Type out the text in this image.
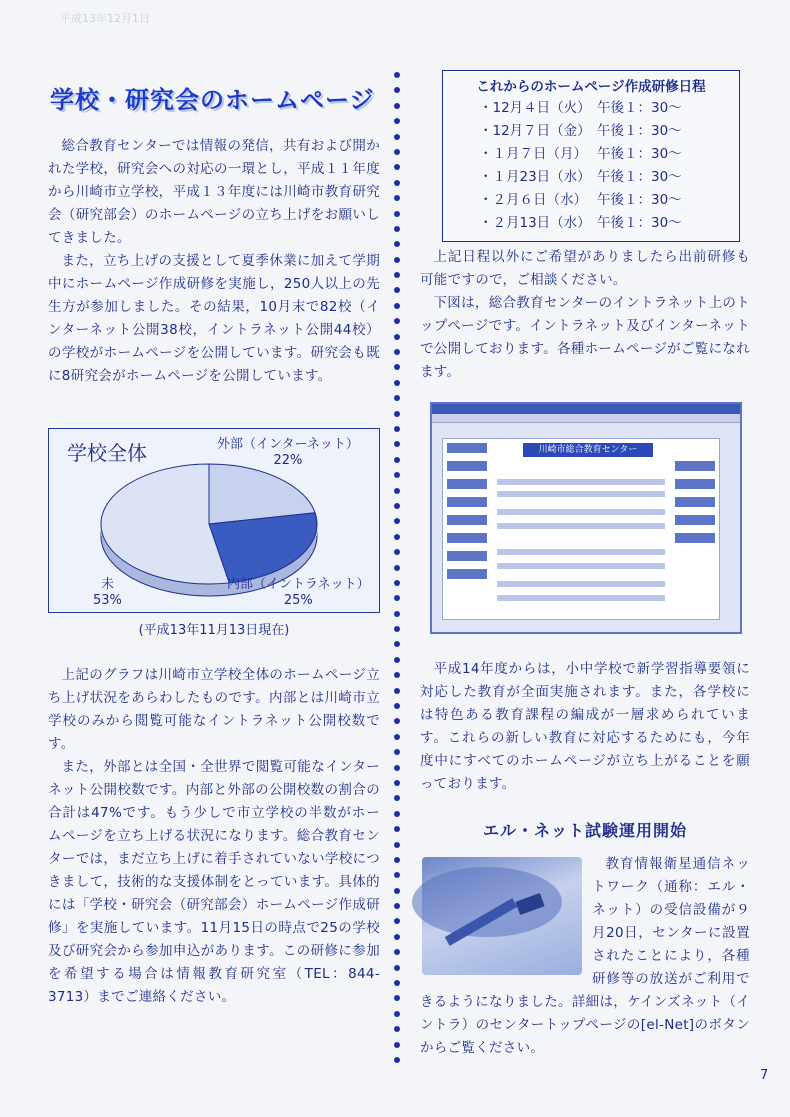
平成13年12月1日
学校・研究会のホームページ

総合教育センターでは情報の発信，共有および開かれた学校，研究会への対応の一環とし，平成１１年度から川崎市立学校，平成１３年度には川崎市教育研究会（研究部会）のホームページの立ち上げをお願いしてきました。

また，立ち上げの支援として夏季休業に加えて学期中にホームページ作成研修を実施し，250人以上の先生方が参加しました。その結果，10月末で82校（インターネット公開38校，イントラネット公開44校）の学校がホームページを公開しています。研究会も既に8研究会がホームページを公開しています。

学校全体	外部（インターネット）
22%
内部（イントラネット）
25%
未
53%
(平成13年11月13日現在)

上記のグラフは川崎市立学校全体のホームページ立ち上げ状況をあらわしたものです。内部とは川崎市立学校のみから閲覧可能なイントラネット公開校数です。

また，外部とは全国・全世界で閲覧可能なインターネット公開校数です。内部と外部の公開校数の割合の合計は47%です。もう少しで市立学校の半数がホームページを立ち上げる状況になります。総合教育センターでは，まだ立ち上げに着手されていない学校につきまして，技術的な支援体制をとっています。具体的には「学校・研究会（研究部会）ホームページ作成研修」を実施しています。11月15日の時点で25の学校及び研究会から参加申込があります。この研修に参加を希望する場合は情報教育研究室（TEL：844-3713）までご連絡ください。

これからのホームページ作成研修日程
・12月４日（火） 午後１：30～
・12月７日（金） 午後１：30～
・１月７日（月） 午後１：30～
・１月23日（水） 午後１：30～
・２月６日（水） 午後１：30～
・２月13日（水） 午後１：30～

上記日程以外にご希望がありましたら出前研修も可能ですので，ご相談ください。

下図は，総合教育センターのイントラネット上のトップページです。イントラネット及びインターネットで公開しております。各種ホームページがご覧になれます。

川崎市総合教育センター

平成14年度からは，小中学校で新学習指導要領に対応した教育が全面実施されます。また，各学校には特色ある教育課程の編成が一層求められています。これらの新しい教育に対応するためにも，今年度中にすべてのホームページが立ち上がることを願っております。

エル・ネット試験運用開始

教育情報衛星通信ネットワーク（通称：エル・ネット）の受信設備が９月20日，センターに設置されたことにより，各種研修等の放送がご利用できるようになりました。詳細は，ケインズネット（イントラ）のセンタートップページの[el-Net]のボタンからご覧ください。

7
